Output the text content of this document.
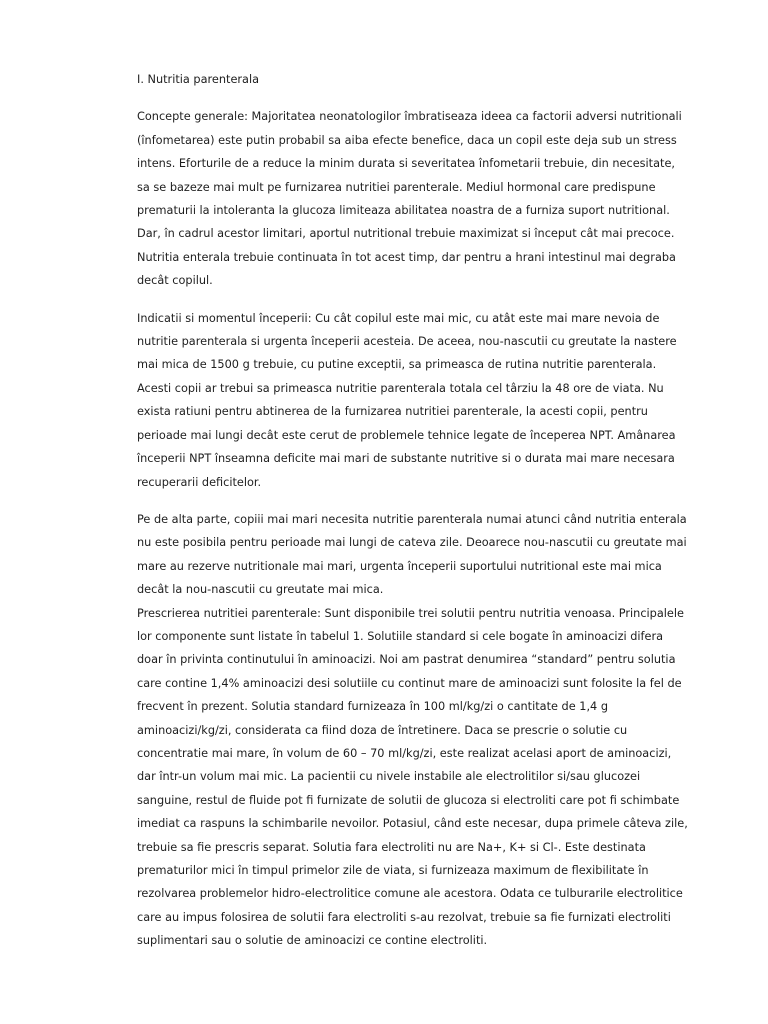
I. Nutritia parenterala
Concepte generale: Majoritatea neonatologilor îmbratiseaza ideea ca factorii adversi nutritionali
(înfometarea) este putin probabil sa aiba efecte benefice, daca un copil este deja sub un stress
intens. Eforturile de a reduce la minim durata si severitatea înfometarii trebuie, din necesitate,
sa se bazeze mai mult pe furnizarea nutritiei parenterale. Mediul hormonal care predispune
prematurii la intoleranta la glucoza limiteaza abilitatea noastra de a furniza suport nutritional.
Dar, în cadrul acestor limitari, aportul nutritional trebuie maximizat si început cât mai precoce.
Nutritia enterala trebuie continuata în tot acest timp, dar pentru a hrani intestinul mai degraba
decât copilul.
Indicatii si momentul începerii: Cu cât copilul este mai mic, cu atât este mai mare nevoia de
nutritie parenterala si urgenta începerii acesteia. De aceea, nou-nascutii cu greutate la nastere
mai mica de 1500 g trebuie, cu putine exceptii, sa primeasca de rutina nutritie parenterala.
Acesti copii ar trebui sa primeasca nutritie parenterala totala cel târziu la 48 ore de viata. Nu
exista ratiuni pentru abtinerea de la furnizarea nutritiei parenterale, la acesti copii, pentru
perioade mai lungi decât este cerut de problemele tehnice legate de începerea NPT. Amânarea
începerii NPT înseamna deficite mai mari de substante nutritive si o durata mai mare necesara
recuperarii deficitelor.
Pe de alta parte, copiii mai mari necesita nutritie parenterala numai atunci când nutritia enterala
nu este posibila pentru perioade mai lungi de cateva zile. Deoarece nou-nascutii cu greutate mai
mare au rezerve nutritionale mai mari, urgenta începerii suportului nutritional este mai mica
decât la nou-nascutii cu greutate mai mica.
Prescrierea nutritiei parenterale: Sunt disponibile trei solutii pentru nutritia venoasa. Principalele
lor componente sunt listate în tabelul 1. Solutiile standard si cele bogate în aminoacizi difera
doar în privinta continutului în aminoacizi. Noi am pastrat denumirea “standard” pentru solutia
care contine 1,4% aminoacizi desi solutiile cu continut mare de aminoacizi sunt folosite la fel de
frecvent în prezent. Solutia standard furnizeaza în 100 ml/kg/zi o cantitate de 1,4 g
aminoacizi/kg/zi, considerata ca fiind doza de întretinere. Daca se prescrie o solutie cu
concentratie mai mare, în volum de 60 – 70 ml/kg/zi, este realizat acelasi aport de aminoacizi,
dar într-un volum mai mic. La pacientii cu nivele instabile ale electrolitilor si/sau glucozei
sanguine, restul de fluide pot fi furnizate de solutii de glucoza si electroliti care pot fi schimbate
imediat ca raspuns la schimbarile nevoilor. Potasiul, când este necesar, dupa primele câteva zile,
trebuie sa fie prescris separat. Solutia fara electroliti nu are Na+, K+ si Cl-. Este destinata
prematurilor mici în timpul primelor zile de viata, si furnizeaza maximum de flexibilitate în
rezolvarea problemelor hidro-electrolitice comune ale acestora. Odata ce tulburarile electrolitice
care au impus folosirea de solutii fara electroliti s-au rezolvat, trebuie sa fie furnizati electroliti
suplimentari sau o solutie de aminoacizi ce contine electroliti.
